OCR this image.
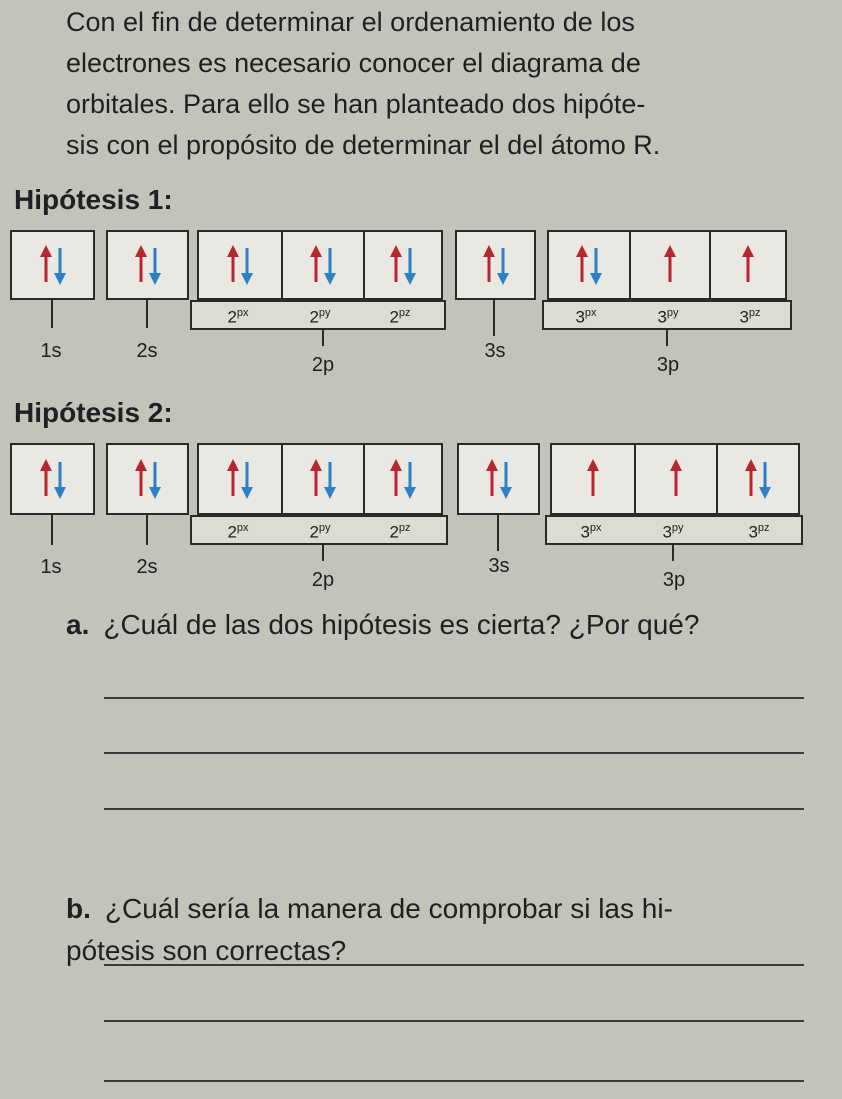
Con el fin de determinar el ordenamiento de los
electrones es necesario conocer el diagrama de
orbitales. Para ello se han planteado dos hipóte-
sis con el propósito de determinar el del átomo R.

Hipótesis 1:

1s	2s
$2^{px}$	$2^{py}$	$2^{pz}$
2p
3s
$3^{px}$	$3^{py}$	$3^{pz}$
3p

Hipótesis 2:

1s	2s
$2^{px}$	$2^{py}$	$2^{pz}$
2p
3s
$3^{px}$	$3^{py}$	$3^{pz}$
3p

a. ¿Cuál de las dos hipótesis es cierta? ¿Por qué?

b. ¿Cuál sería la manera de comprobar si las hi-
pótesis son correctas?
